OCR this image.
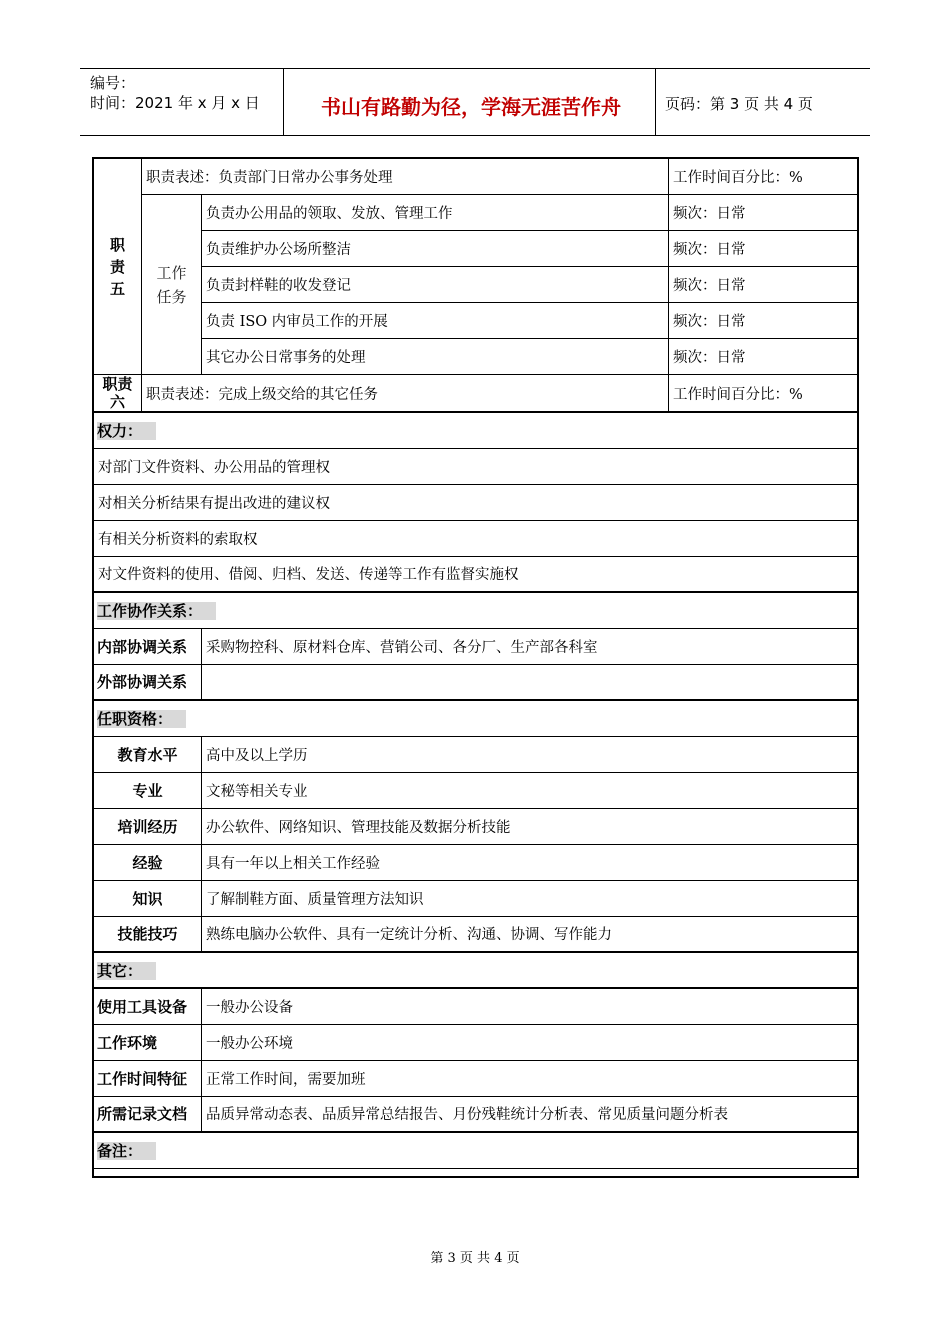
编号：
时间：2021 年 x 月 x 日	书山有路勤为径，学海无涯苦作舟	页码：第 3 页 共 4 页
职
责
五	职责表述：负责部门日常办公事务处理		工作时间百分比：%

	工作
任务	负责办公用品的领取、发放、管理工作	频次：日常
		负责维护办公场所整洁	频次：日常
		负责封样鞋的收发登记	频次：日常
		负责 ISO 内审员工作的开展	频次：日常
		其它办公日常事务的处理	频次：日常

职责
六	职责表述：完成上级交给的其它任务		工作时间百分比：%
权力：			
对部门文件资料、办公用品的管理权			
对相关分析结果有提出改进的建议权			
有相关分析资料的索取权			
对文件资料的使用、借阅、归档、发送、传递等工作有监督实施权			
工作协作关系：			
内部协调关系		采购物控科、原材料仓库、营销公司、各分厂、生产部各科室	
外部协调关系			
任职资格：			
教育水平		高中及以上学历	
专业		文秘等相关专业	
培训经历		办公软件、网络知识、管理技能及数据分析技能	
经验		具有一年以上相关工作经验	
知识		了解制鞋方面、质量管理方法知识	
技能技巧		熟练电脑办公软件、具有一定统计分析、沟通、协调、写作能力	
其它：			
使用工具设备		一般办公设备	
工作环境		一般办公环境	
工作时间特征		正常工作时间，需要加班	
所需记录文档		品质异常动态表、品质异常总结报告、月份残鞋统计分析表、常见质量问题分析表	
备注：			
第 3 页 共 4 页
